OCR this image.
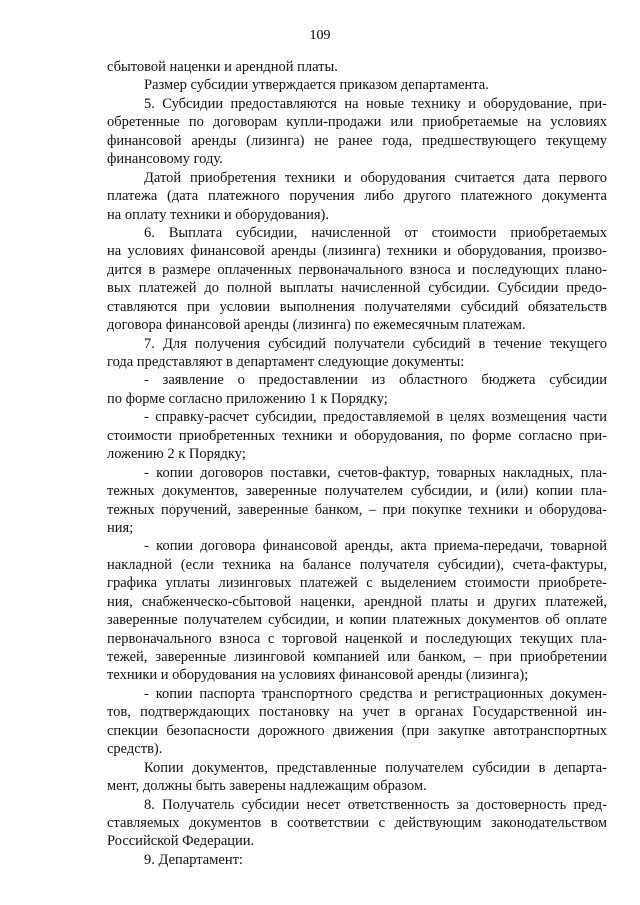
109
сбытовой наценки и арендной платы.
Размер субсидии утверждается приказом департамента.
5. Субсидии предоставляются на новые технику и оборудование, при-
обретенные по договорам купли-продажи или приобретаемые на условиях
финансовой аренды (лизинга) не ранее года, предшествующего текущему
финансовому году.
Датой приобретения техники и оборудования считается дата первого
платежа (дата платежного поручения либо другого платежного документа
на оплату техники и оборудования).
6. Выплата субсидии, начисленной от стоимости приобретаемых
на условиях финансовой аренды (лизинга) техники и оборудования, произво-
дится в размере оплаченных первоначального взноса и последующих плано-
вых платежей до полной выплаты начисленной субсидии. Субсидии предо-
ставляются при условии выполнения получателями субсидий обязательств
договора финансовой аренды (лизинга) по ежемесячным платежам.
7. Для получения субсидий получатели субсидий в течение текущего
года представляют в департамент следующие документы:
- заявление о предоставлении из областного бюджета субсидии
по форме согласно приложению 1 к Порядку;
- справку-расчет субсидии, предоставляемой в целях возмещения части
стоимости приобретенных техники и оборудования, по форме согласно при-
ложению 2 к Порядку;
- копии договоров поставки, счетов-фактур, товарных накладных, пла-
тежных документов, заверенные получателем субсидии, и (или) копии пла-
тежных поручений, заверенные банком, – при покупке техники и оборудова-
ния;
- копии договора финансовой аренды, акта приема-передачи, товарной
накладной (если техника на балансе получателя субсидии), счета-фактуры,
графика уплаты лизинговых платежей с выделением стоимости приобрете-
ния, снабженческо-сбытовой наценки, арендной платы и других платежей,
заверенные получателем субсидии, и копии платежных документов об оплате
первоначального взноса с торговой наценкой и последующих текущих пла-
тежей, заверенные лизинговой компанией или банком, – при приобретении
техники и оборудования на условиях финансовой аренды (лизинга);
- копии паспорта транспортного средства и регистрационных докумен-
тов, подтверждающих постановку на учет в органах Государственной ин-
спекции безопасности дорожного движения (при закупке автотранспортных
средств).
Копии документов, представленные получателем субсидии в департа-
мент, должны быть заверены надлежащим образом.
8. Получатель субсидии несет ответственность за достоверность пред-
ставляемых документов в соответствии с действующим законодательством
Российской Федерации.
9. Департамент:
